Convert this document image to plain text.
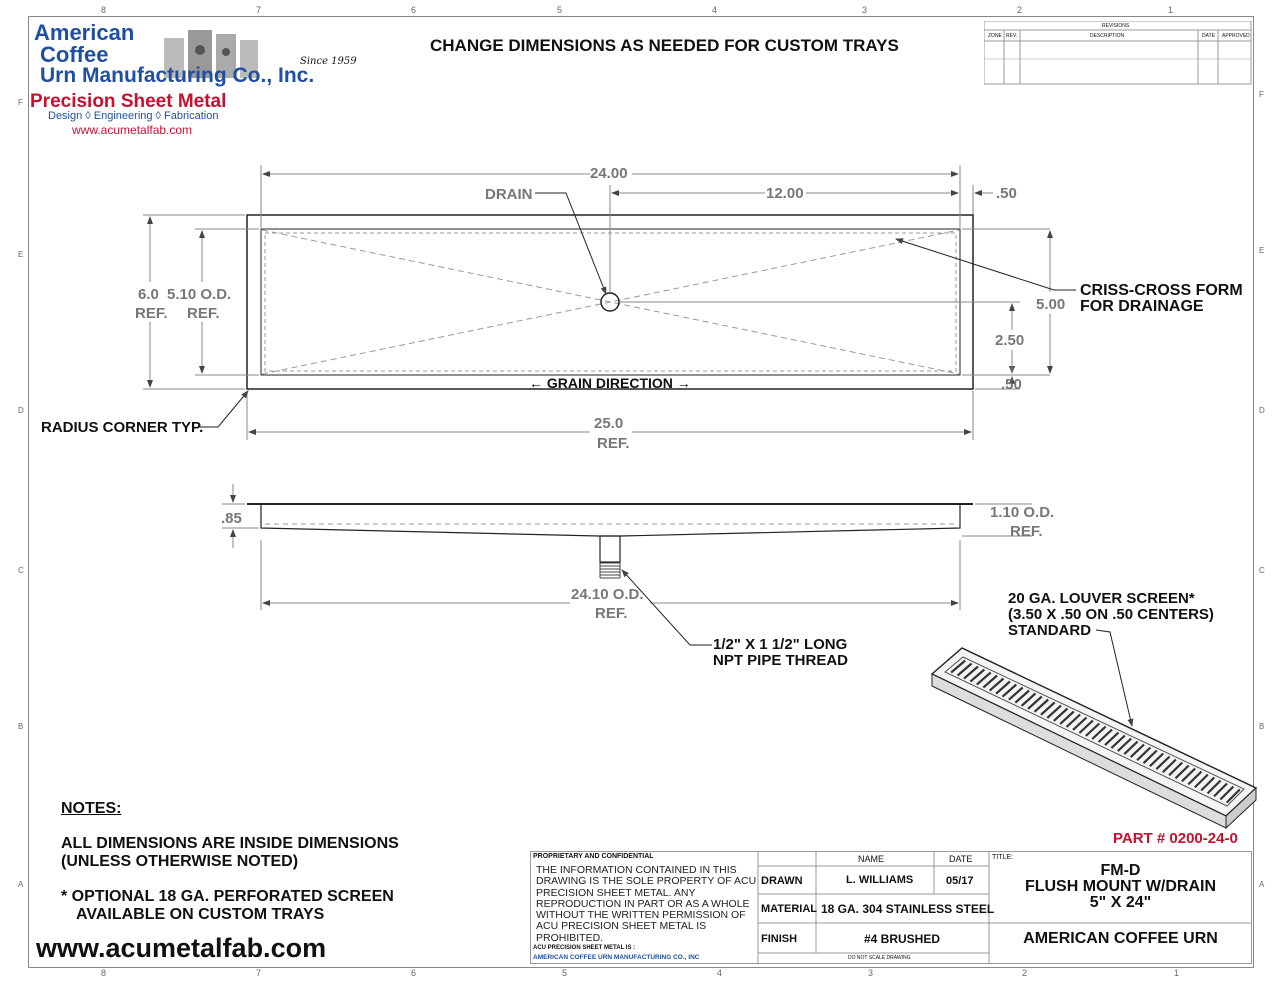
8	7	6	5	4	3	2	1
8	7	6	5	4	3	2	1
F
E
D
C
B
A
F
E
D
C
B
A
American
Coffee
Urn Manufacturing Co., Inc.
Since 1959
Precision Sheet Metal
Design ◊ Engineering ◊ Fabrication
www.acumetalfab.com
CHANGE DIMENSIONS AS NEEDED FOR CUSTOM TRAYS
REVISIONS
ZONE REV.	DESCRIPTION	DATE APPROVED
24.00
12.00	.50
DRAIN
6.0
REF.
5.10 O.D.
REF.
5.00
2.50
.50
← GRAIN DIRECTION →
RADIUS CORNER TYP.	25.0
REF.
CRISS-CROSS FORM
FOR DRAINAGE
.85	1.10 O.D.
REF.
24.10 O.D.
REF.
1/2" X 1 1/2" LONG
NPT PIPE THREAD
20 GA. LOUVER SCREEN*
(3.50 X .50 ON .50 CENTERS)
STANDARD
NOTES:
ALL DIMENSIONS ARE INSIDE DIMENSIONS
(UNLESS OTHERWISE NOTED)
* OPTIONAL 18 GA. PERFORATED SCREEN
AVAILABLE ON CUSTOM TRAYS
www.acumetalfab.com
PART # 0200-24-0
PROPRIETARY AND CONFIDENTIAL
THE INFORMATION CONTAINED IN THIS DRAWING IS THE SOLE PROPERTY OF ACU PRECISION SHEET METAL. ANY REPRODUCTION IN PART OR AS A WHOLE WITHOUT THE WRITTEN PERMISSION OF ACU PRECISION SHEET METAL IS PROHIBITED.
ACU PRECISION SHEET METAL IS :
AMERICAN COFFEE URN MANUFACTURING CO., INC
NAME	DATE
DRAWN	L. WILLIAMS	05/17
MATERIAL 18 GA. 304 STAINLESS STEEL
FINISH	#4 BRUSHED
DO NOT SCALE DRAWING
TITLE:
FM-D
FLUSH MOUNT W/DRAIN
5" X 24"
AMERICAN COFFEE URN
